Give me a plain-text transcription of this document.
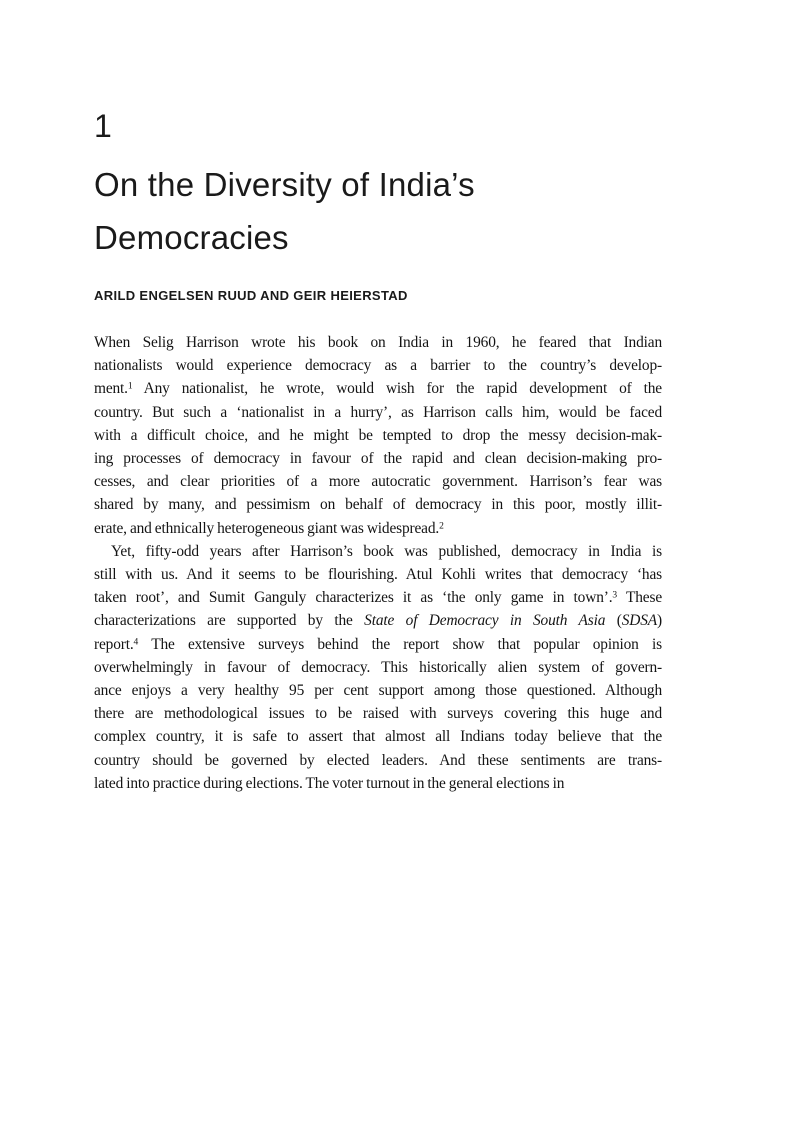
1
On the Diversity of India’s
Democracies
ARILD ENGELSEN RUUD AND GEIR HEIERSTAD
When Selig Harrison wrote his book on India in 1960, he feared that Indian
nationalists would experience democracy as a barrier to the country’s develop-
ment.$^1$ Any nationalist, he wrote, would wish for the rapid development of the
country. But such a ‘nationalist in a hurry’, as Harrison calls him, would be faced
with a difficult choice, and he might be tempted to drop the messy decision-mak-
ing processes of democracy in favour of the rapid and clean decision-making pro-
cesses, and clear priorities of a more autocratic government. Harrison’s fear was
shared by many, and pessimism on behalf of democracy in this poor, mostly illit-
erate, and ethnically heterogeneous giant was widespread.$^2$
Yet, fifty-odd years after Harrison’s book was published, democracy in India is
still with us. And it seems to be flourishing. Atul Kohli writes that democracy ‘has
taken root’, and Sumit Ganguly characterizes it as ‘the only game in town’.$^3$ These
characterizations are supported by the State of Democracy in South Asia (SDSA)
report.$^4$ The extensive surveys behind the report show that popular opinion is
overwhelmingly in favour of democracy. This historically alien system of govern-
ance enjoys a very healthy 95 per cent support among those questioned. Although
there are methodological issues to be raised with surveys covering this huge and
complex country, it is safe to assert that almost all Indians today believe that the
country should be governed by elected leaders. And these sentiments are trans-
lated into practice during elections. The voter turnout in the general elections in
